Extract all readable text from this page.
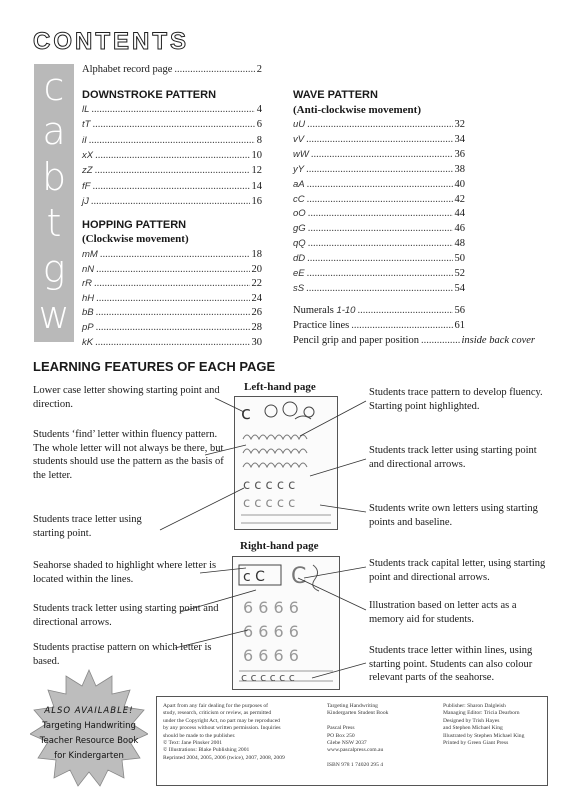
CONTENTS
c
a
b
t
g
w
Alphabet record page .....	2
DOWNSTROKE PATTERN
HOPPING PATTERN
(Clockwise movement)
WAVE PATTERN
(Anti-clockwise movement)
Numerals
1-10 .....	56
Practice lines .....	61
Pencil grip and paper position .....	inside back cover
LEARNING FEATURES OF EACH PAGE
Left-hand page
Right-hand page
c
c c c c c
c c c c c
c C C
6 6 6 6
6 6 6 6
6 6 6 6
c c c c c c
Lower case letter showing starting point and direction.
Students ‘find’ letter within fluency pattern. The whole letter will not always be there, but students should use the pattern as the basis of the letter.
Students trace letter using starting point.
Students trace pattern to develop fluency. Starting point highlighted.
Students track letter using starting point and directional arrows.
Students write own letters using starting points and baseline.
Seahorse shaded to highlight where letter is located within the lines.
Students track letter using starting point and directional arrows.
Students practise pattern on which letter is based.
Students track capital letter, using starting point and directional arrows.
Illustration based on letter acts as a memory aid for students.
Students trace letter within lines, using starting point. Students can also colour relevant parts of the seahorse.
ALSO AVAILABLE!
Targeting Handwriting
Teacher Resource Book
for Kindergarten
Apart from any fair dealing for the purposes of
study, research, criticism or review, as permitted
under the Copyright Act, no part may be reproduced
by any process without written permission. Inquiries
should be made to the publisher.
© Text: Jane Pinsker 2001
© Illustrations: Blake Publishing 2001
Reprinted 2004, 2005, 2006 (twice), 2007, 2008, 2009
Targeting Handwriting
Kindergarten Student Book
Pascal Press
PO Box 250
Glebe NSW 2037
www.pascalpress.com.au
ISBN 978 1 74020 295 4
Publisher: Sharon Dalgleish
Managing Editor: Tricia Dearborn
Designed by Trish Hayes
and Stephen Michael King
Illustrated by Stephen Michael King
Printed by Green Giant Press
lL .....	4
tT .....	6
iI .....	8
xX .....	10
zZ .....	12
fF .....	14
jJ .....	16
mM .....	18
nN .....	20
rR .....	22
hH .....	24
bB .....	26
pP .....	28
kK .....	30
uU .....	32
vV .....	34
wW .....	36
yY .....	38
aA .....	40
cC .....	42
oO .....	44
gG .....	46
qQ .....	48
dD .....	50
eE .....	52
sS .....	54
